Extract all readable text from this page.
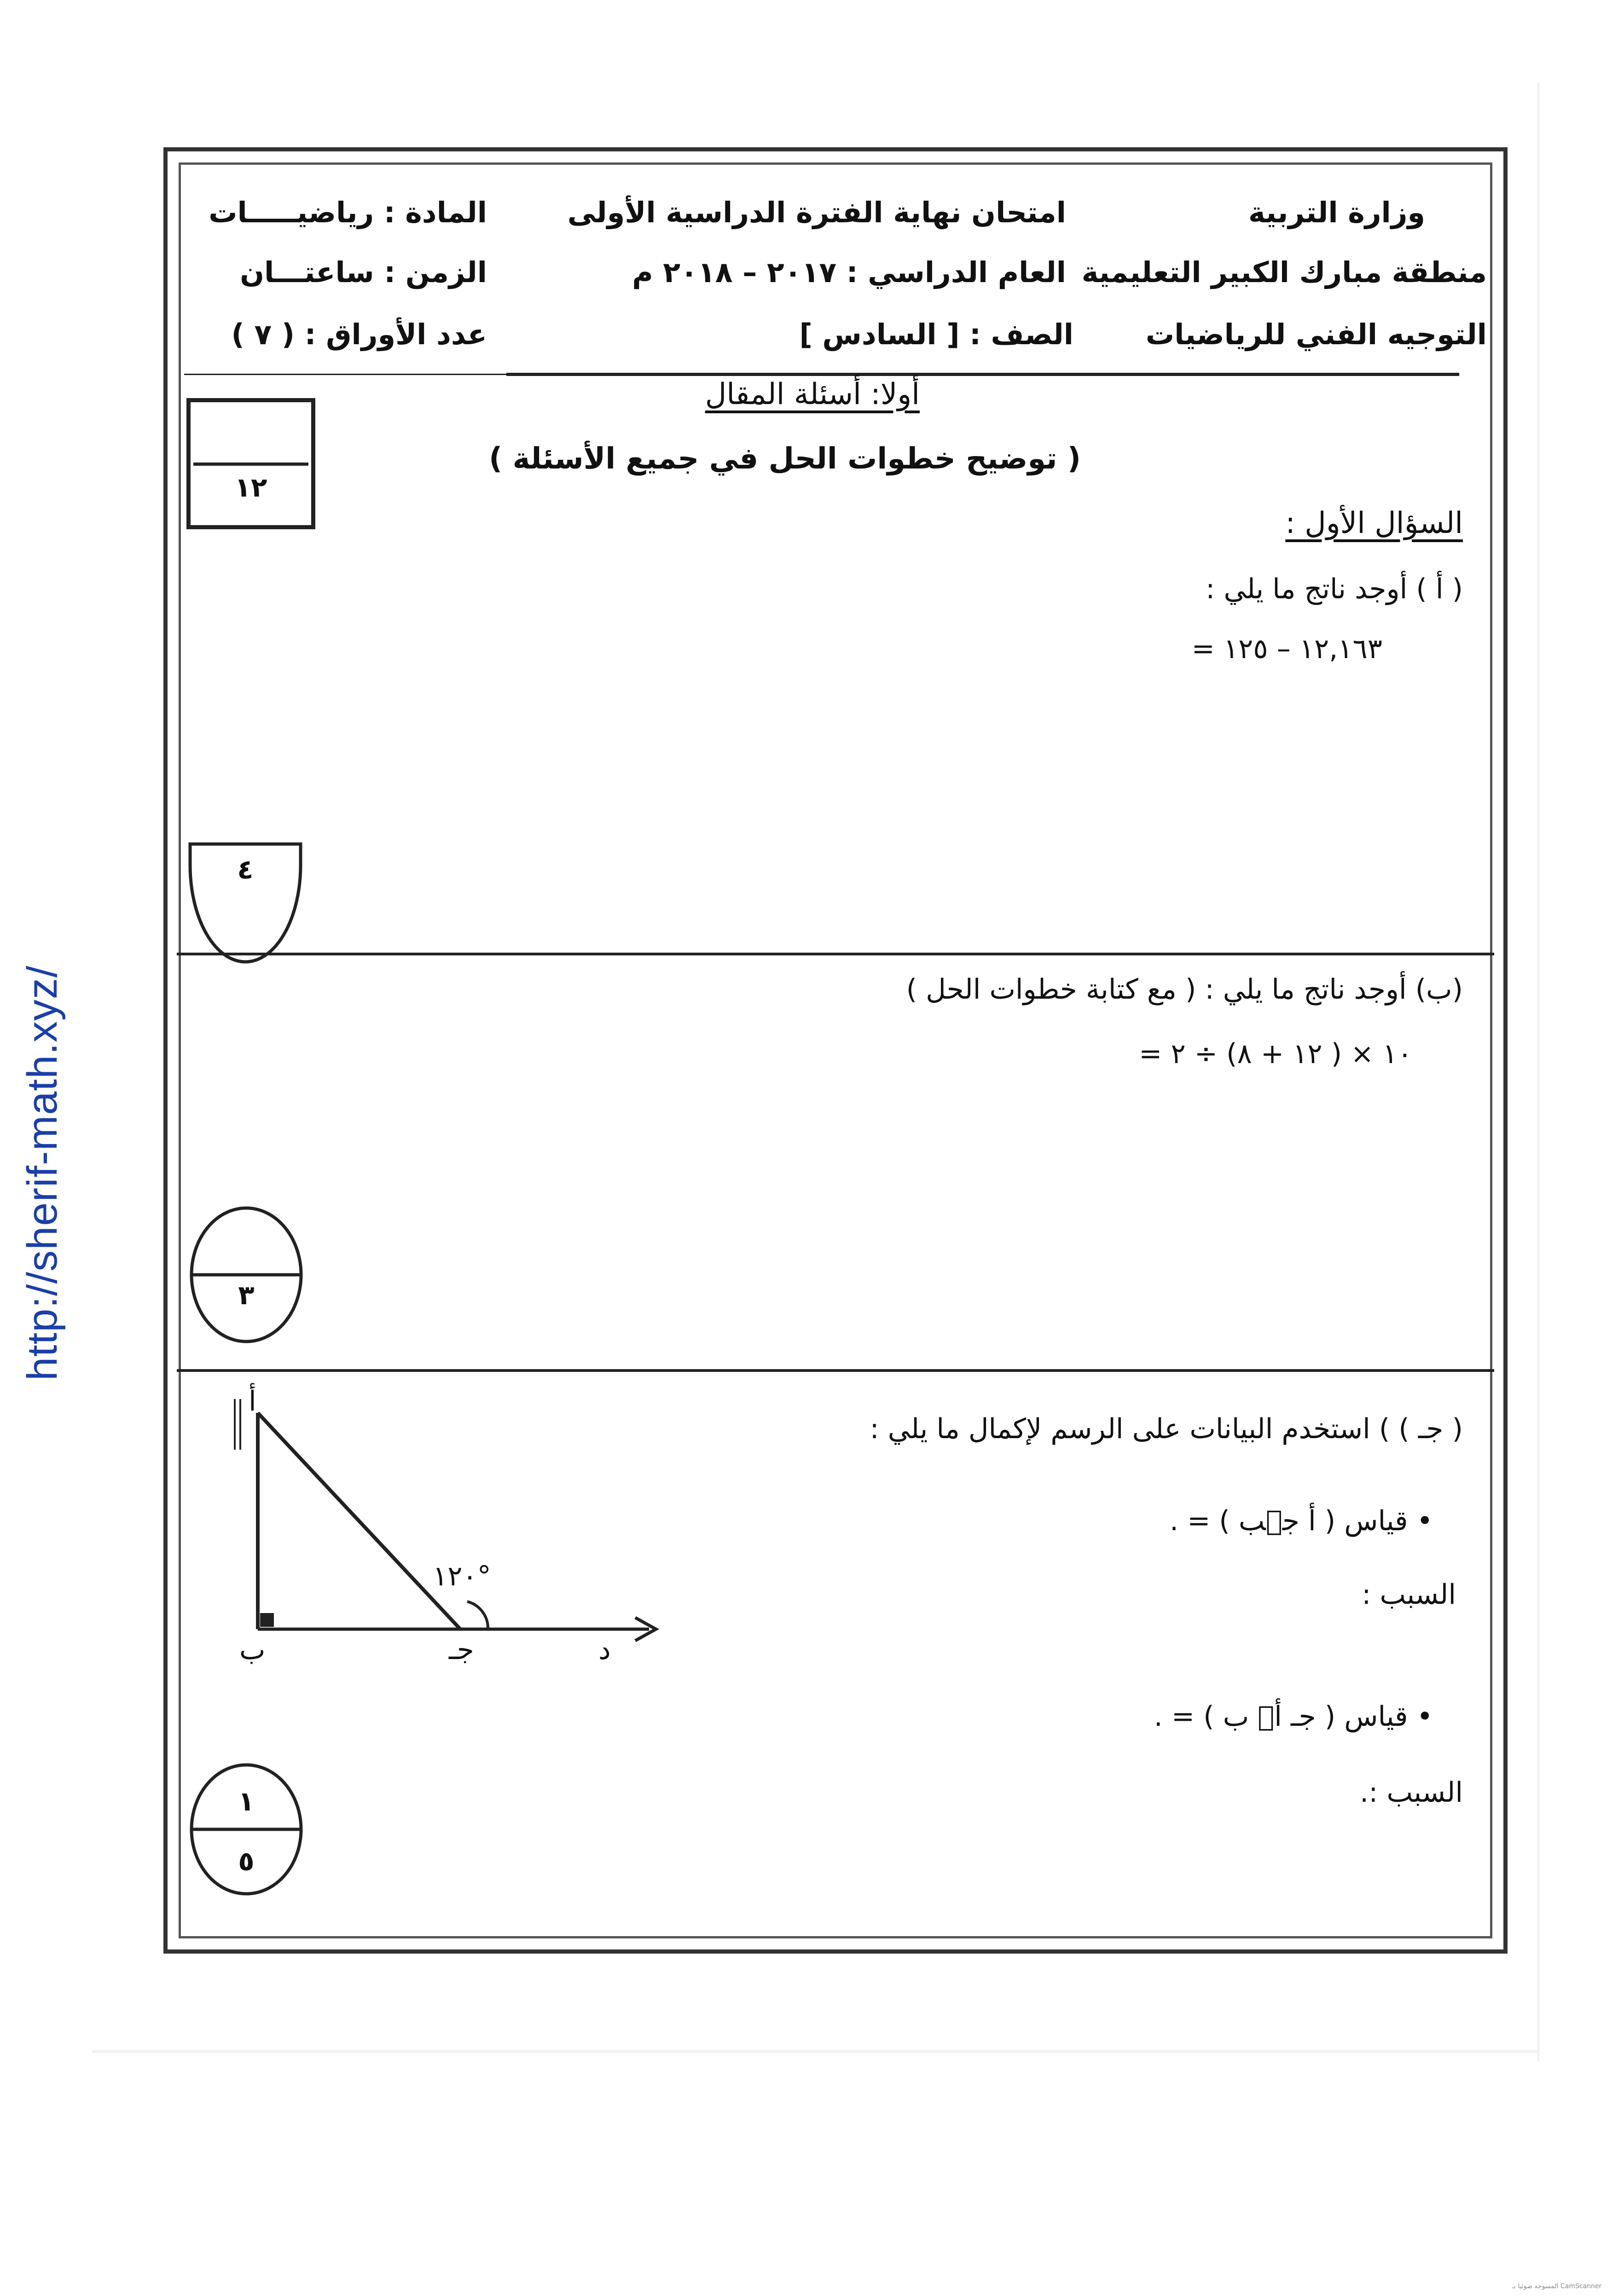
http://sherif-math.xyz/
وزارة التربية
منطقة مبارك الكبير التعليمية
التوجيه الفني للرياضيات
امتحان نهاية الفترة الدراسية الأولى
العام الدراسي : ٢٠١٧ – ٢٠١٨ م
الصف : [ السادس ]
المادة : رياضيـــــات
الزمن : ساعتـــان
عدد الأوراق : ( ٧ )
أولا: أسئلة المقال
( توضيح خطوات الحل في جميع الأسئلة )
١٢
السؤال الأول :
( أ ) أوجد ناتج ما يلي :
١٢,١٦٣ – ١٢٥ =
٤
(ب) أوجد ناتج ما يلي : ( مع كتابة خطوات الحل )
١٠ × ( ١٢ + ٨) ÷ ٢ =
٣
( جـ ) ) استخدم البيانات على الرسم لإكمال ما يلي :
• قياس ( أ جٛب ) = .
السبب :
• قياس ( جـ أٛ ب ) = .
السبب :.
أ
ب	جـ	د
١٢٠°
١
٥
المسوحة ضوئيا بـ CamScanner
